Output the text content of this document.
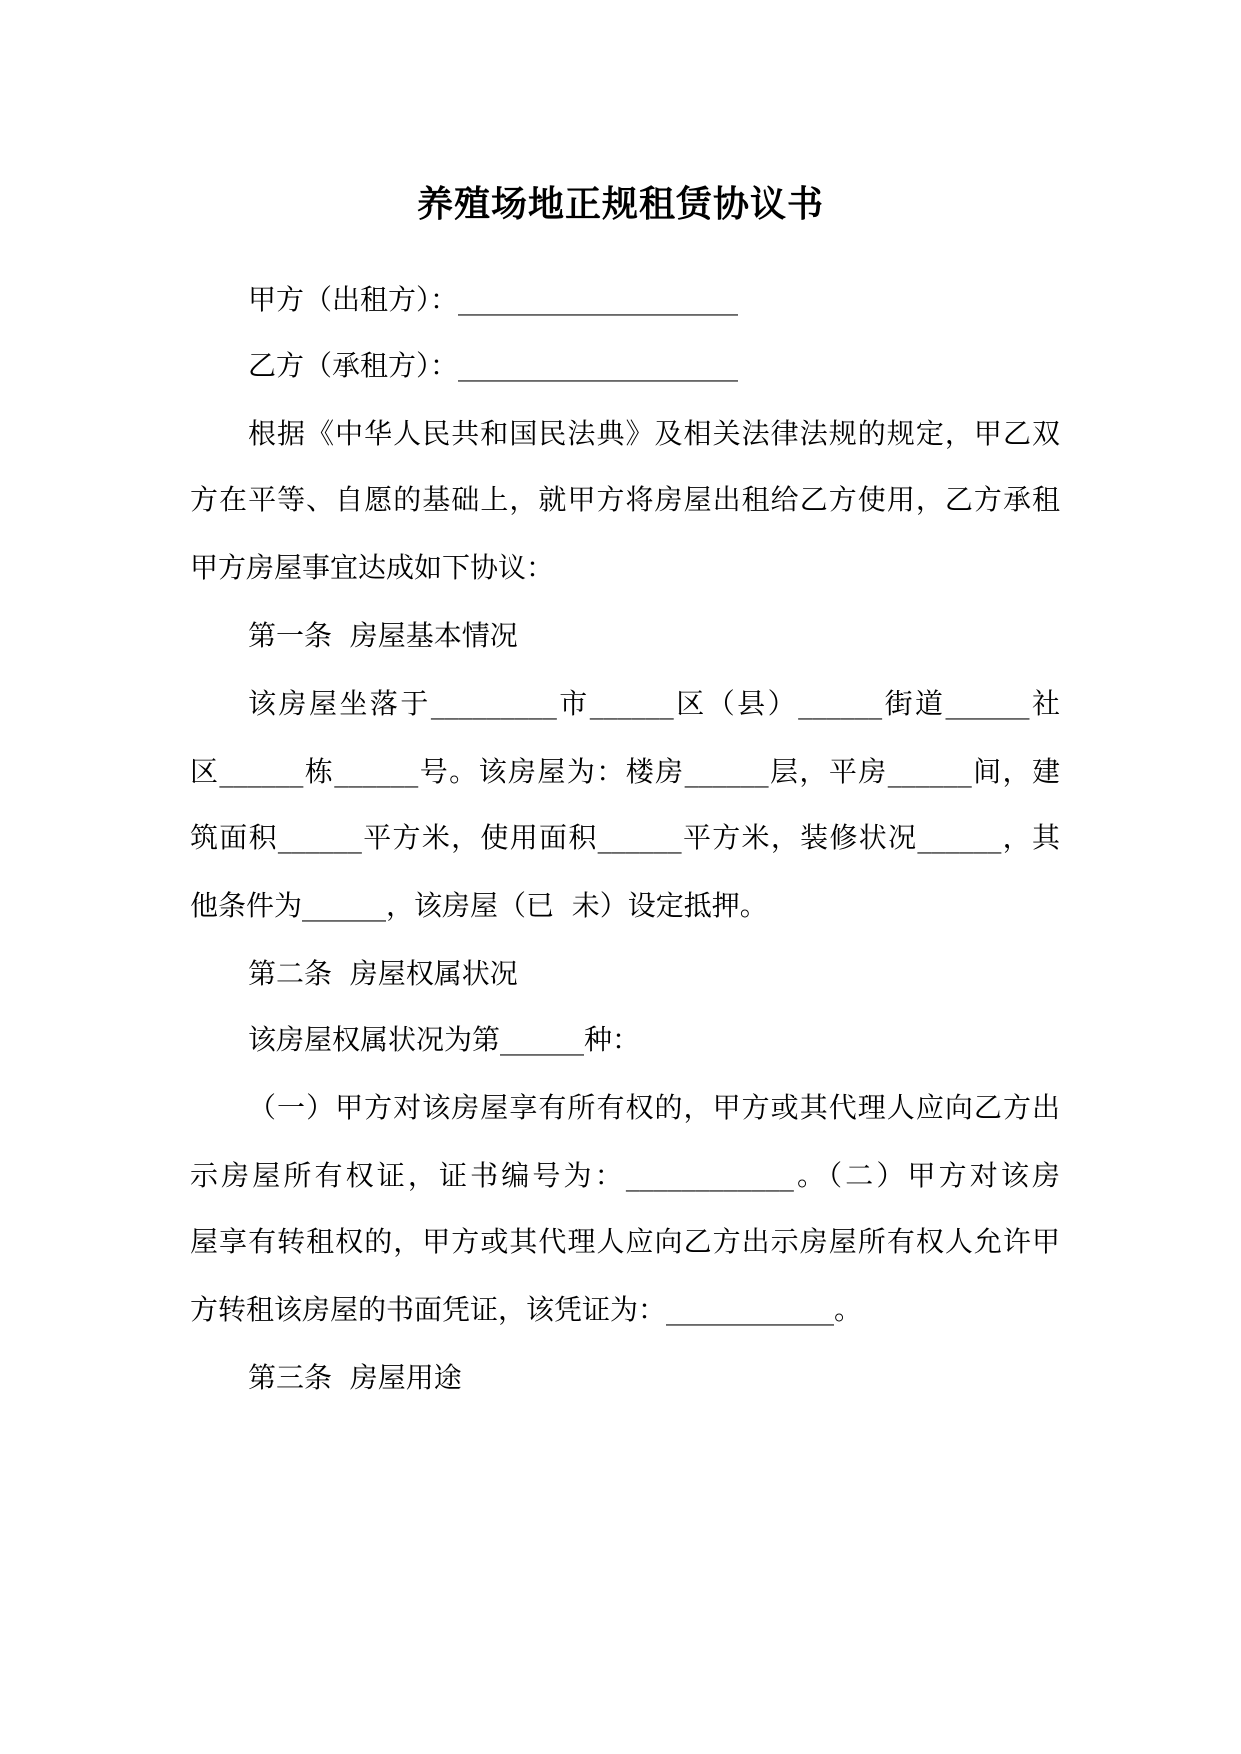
养殖场地正规租赁协议书
甲方（出租方）：____________________
乙方（承租方）：____________________
根据《中华人民共和国民法典》及相关法律法规的规定，甲乙双
方在平等、自愿的基础上，就甲方将房屋出租给乙方使用，乙方承租
甲方房屋事宜达成如下协议：
第一条  房屋基本情况
该房屋坐落于_________市______区（县）______街道______社
区______栋______号。该房屋为：楼房______层，平房______间，建
筑面积______平方米，使用面积______平方米，装修状况______，其
他条件为______，该房屋（已  未）设定抵押。
第二条  房屋权属状况
该房屋权属状况为第______种：
（一）甲方对该房屋享有所有权的，甲方或其代理人应向乙方出
示房屋所有权证，证书编号为：____________。（二）甲方对该房
屋享有转租权的，甲方或其代理人应向乙方出示房屋所有权人允许甲
方转租该房屋的书面凭证，该凭证为：____________。
第三条  房屋用途
